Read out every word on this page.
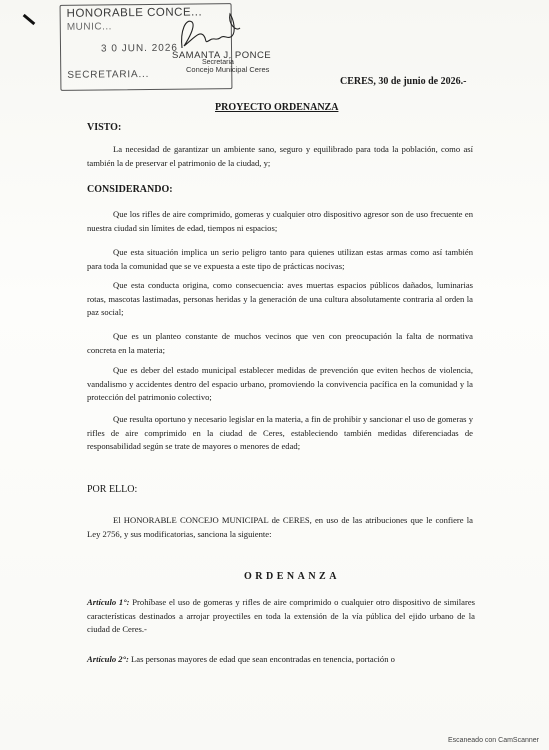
HONORABLE CONCE...
MUNIC...
3 0 JUN. 2026
SECRETARIA...
SAMANTA J. PONCE
Secretaria
Concejo Municipal Ceres
CERES, 30 de junio de 2026.-
PROYECTO ORDENANZA
VISTO:
La necesidad de garantizar un ambiente sano, seguro y equilibrado para toda la población, como así también la de preservar el patrimonio de la ciudad, y;
CONSIDERANDO:
Que los rifles de aire comprimido, gomeras y cualquier otro dispositivo agresor son de uso frecuente en nuestra ciudad sin límites de edad, tiempos ni espacios;
Que esta situación implica un serio peligro tanto para quienes utilizan estas armas como así también para toda la comunidad que se ve expuesta a este tipo de prácticas nocivas;
Que esta conducta origina, como consecuencia: aves muertas espacios públicos dañados, luminarias rotas, mascotas lastimadas, personas heridas y la generación de una cultura absolutamente contraria al orden la paz social;
Que es un planteo constante de muchos vecinos que ven con preocupación la falta de normativa concreta en la materia;
Que es deber del estado municipal establecer medidas de prevención que eviten hechos de violencia, vandalismo y accidentes dentro del espacio urbano, promoviendo la convivencia pacífica en la comunidad y la protección del patrimonio colectivo;
Que resulta oportuno y necesario legislar en la materia, a fin de prohibir y sancionar el uso de gomeras y rifles de aire comprimido en la ciudad de Ceres, estableciendo también medidas diferenciadas de responsabilidad según se trate de mayores o menores de edad;
POR ELLO:
El HONORABLE CONCEJO MUNICIPAL de CERES, en uso de las atribuciones que le confiere la Ley 2756, y sus modificatorias, sanciona la siguiente:
ORDENANZA
Artículo 1°: Prohíbase el uso de gomeras y rifles de aire comprimido o cualquier otro dispositivo de similares características destinados a arrojar proyectiles en toda la extensión de la vía pública del ejido urbano de la ciudad de Ceres.-
Artículo 2°: Las personas mayores de edad que sean encontradas en tenencia, portación o
Escaneado con CamScanner
